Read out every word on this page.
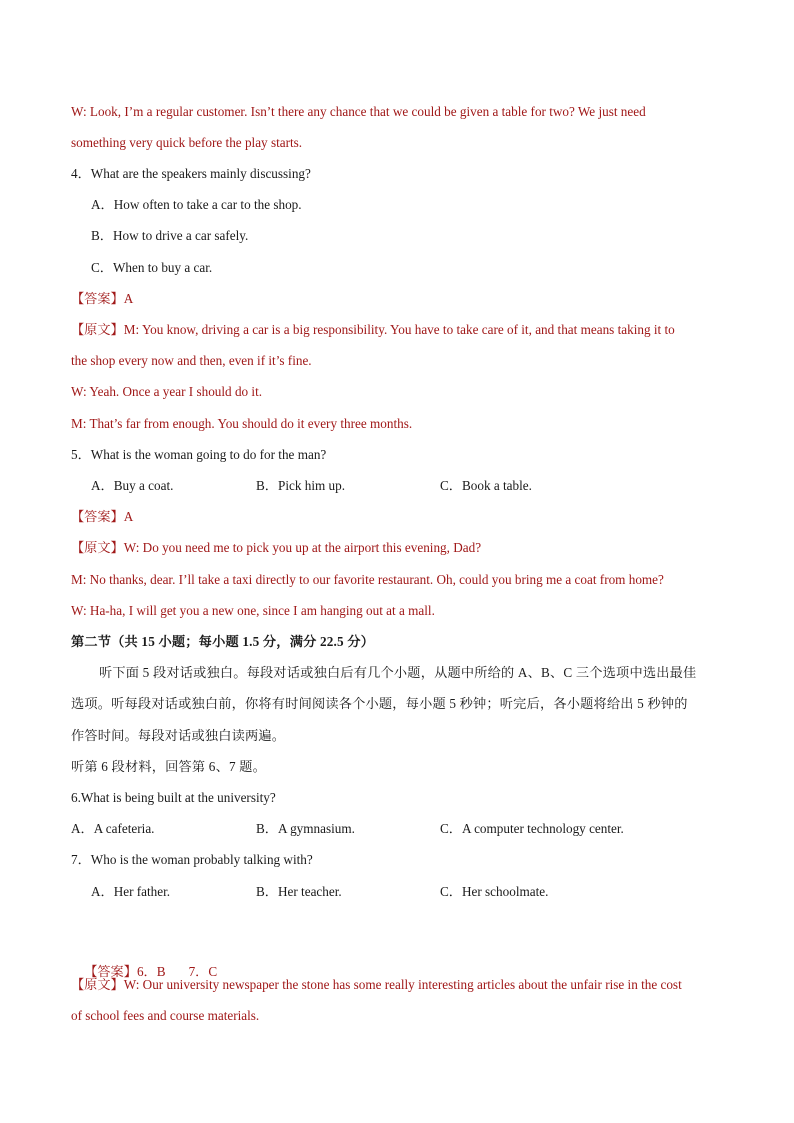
W: Look, I’m a regular customer. Isn’t there any chance that we could be given a table for two? We just need
something very quick before the play starts.
4．What are the speakers mainly discussing?
A．How often to take a car to the shop.
B．How to drive a car safely.
C．When to buy a car.
【答案】A
【原文】M: You know, driving a car is a big responsibility. You have to take care of it, and that means taking it to
the shop every now and then, even if it’s fine.
W: Yeah. Once a year I should do it.
M: That’s far from enough. You should do it every three months.
5．What is the woman going to do for the man?
A．Buy a coat.	B．Pick him up.	C．Book a table.
【答案】A
【原文】W: Do you need me to pick you up at the airport this evening, Dad?
M: No thanks, dear. I’ll take a taxi directly to our favorite restaurant. Oh, could you bring me a coat from home?
W: Ha-ha, I will get you a new one, since I am hanging out at a mall.
第二节（共 15 小题；每小题 1.5 分，满分 22.5 分）
听下面 5 段对话或独白。每段对话或独白后有几个小题，从题中所给的 A、B、C 三个选项中选出最佳
选项。听每段对话或独白前，你将有时间阅读各个小题，每小题 5 秒钟；听完后，各小题将给出 5 秒钟的
作答时间。每段对话或独白读两遍。
听第 6 段材料，回答第 6、7 题。
6.What is being built at the university?
A．A cafeteria.	B．A gymnasium.	C．A computer technology center.
7．Who is the woman probably talking with?
A．Her father.	B．Her teacher.	C．Her schoolmate.

【答案】6．B       7．C

【原文】W: Our university newspaper the stone has some really interesting articles about the unfair rise in the cost
of school fees and course materials.
